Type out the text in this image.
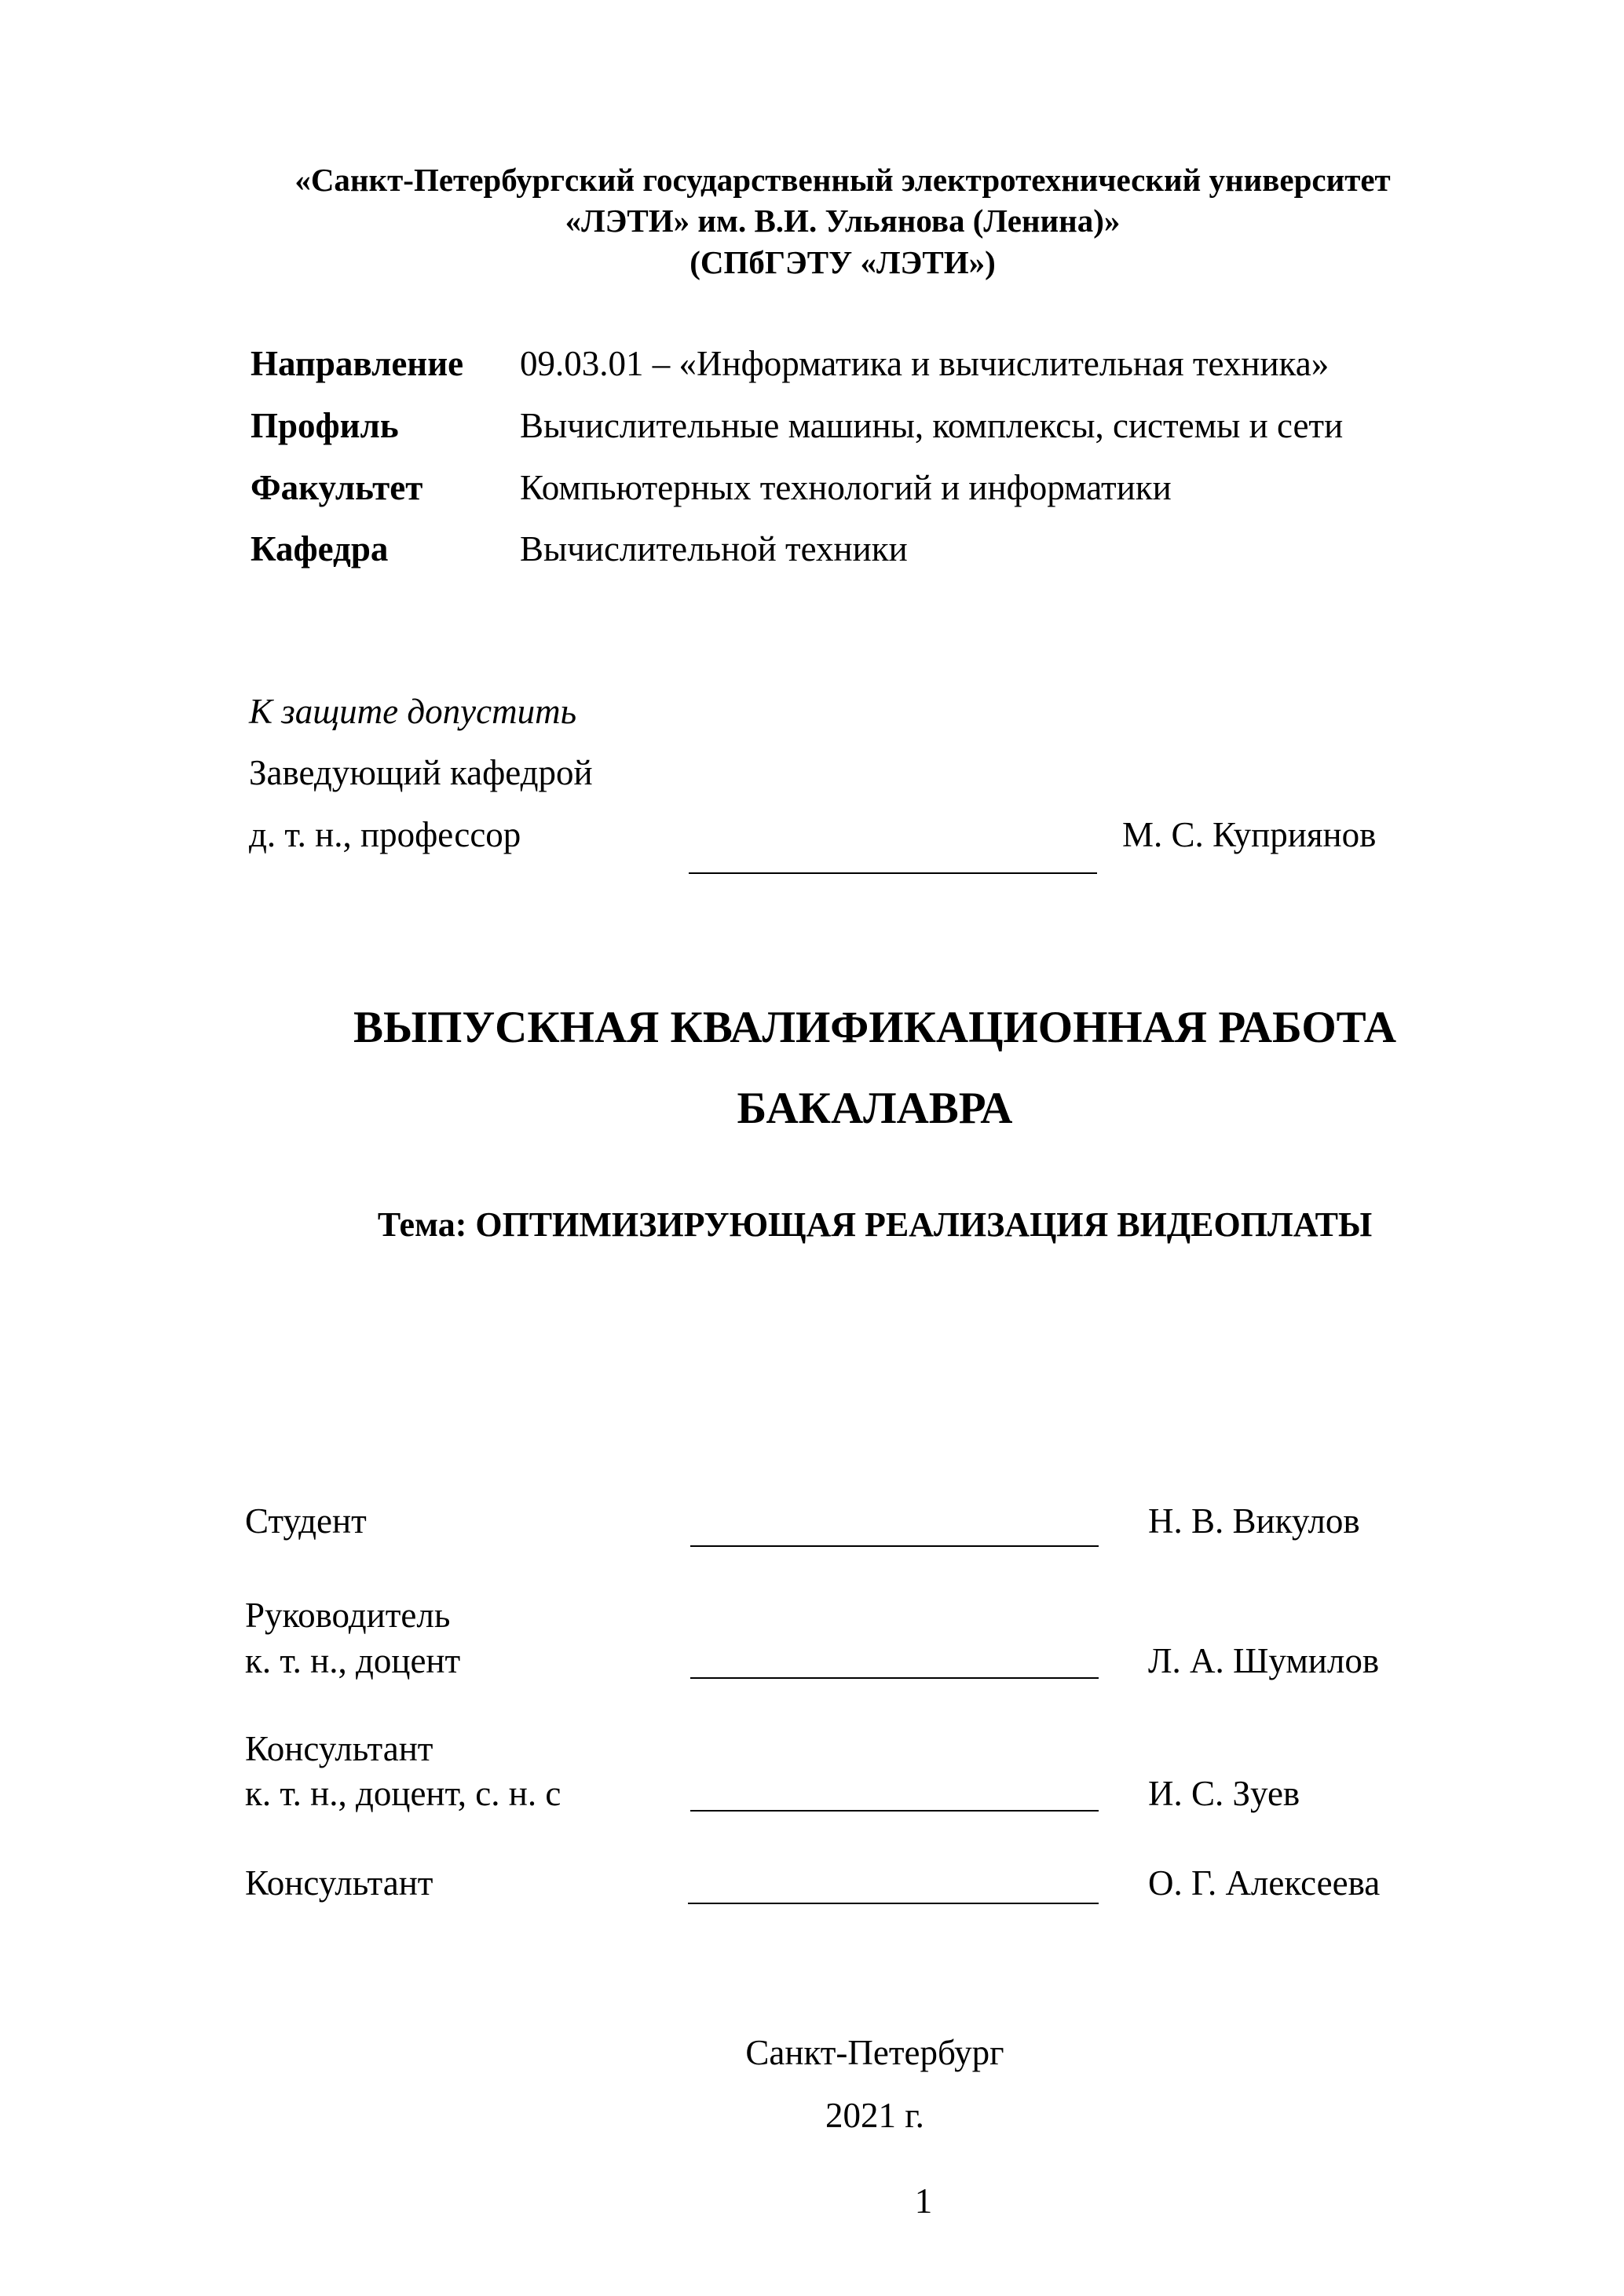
«Санкт-Петербургский государственный электротехнический университет
«ЛЭТИ» им. В.И. Ульянова (Ленина)»
(СПбГЭТУ «ЛЭТИ»)
Направление 09.03.01 – «Информатика и вычислительная техника»
Профиль	Вычислительные машины, комплексы, системы и сети
Факультет	Компьютерных технологий и информатики
Кафедра	Вычислительной техники
К защите допустить
Заведующий кафедрой
д. т. н., профессор	М. С. Куприянов
ВЫПУСКНАЯ КВАЛИФИКАЦИОННАЯ РАБОТА
БАКАЛАВРА
Тема: ОПТИМИЗИРУЮЩАЯ РЕАЛИЗАЦИЯ ВИДЕОПЛАТЫ
Студент	Н. В. Викулов
Руководитель
к. т. н., доцент	Л. А. Шумилов
Консультант
к. т. н., доцент, с. н. с	И. С. Зуев
Консультант	О. Г. Алексеева
Санкт-Петербург
2021 г.
1
